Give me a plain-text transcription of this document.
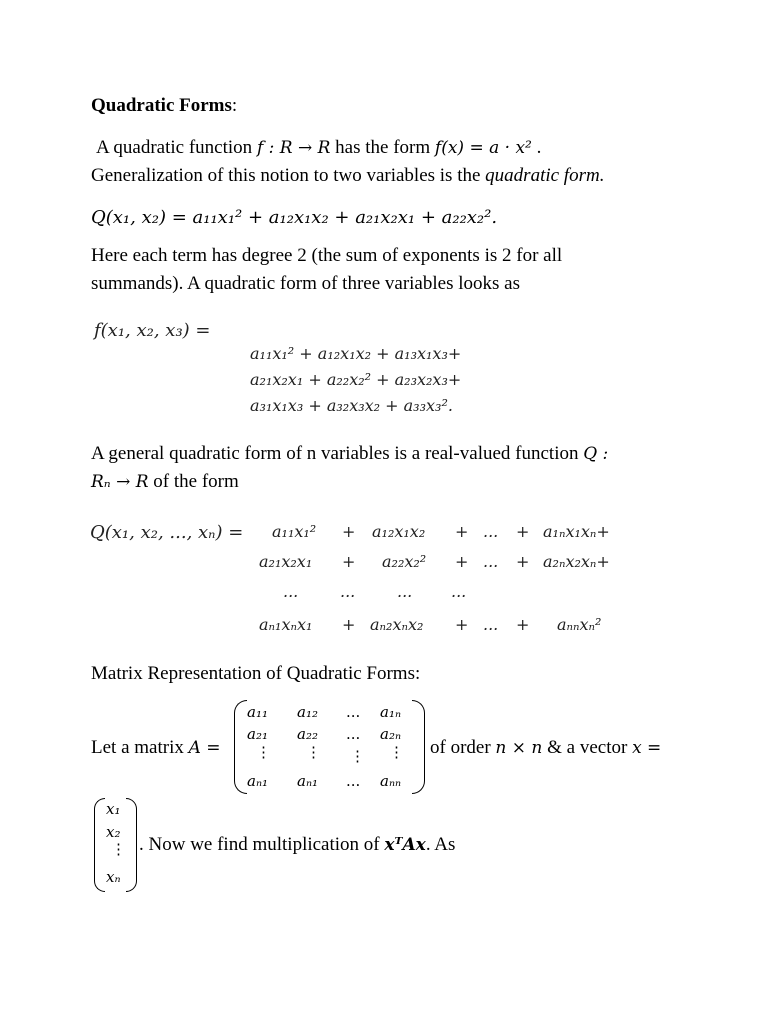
Quadratic Forms:
A quadratic function f : R → R has the form f(x) = a · x² .
Generalization of this notion to two variables is the quadratic form.
Q(x₁, x₂) = a₁₁x₁² + a₁₂x₁x₂ + a₂₁x₂x₁ + a₂₂x₂².
Here each term has degree 2 (the sum of exponents is 2 for all
summands). A quadratic form of three variables looks as
f(x₁, x₂, x₃) =
a₁₁x₁² + a₁₂x₁x₂ + a₁₃x₁x₃+
a₂₁x₂x₁ + a₂₂x₂² + a₂₃x₂x₃+
a₃₁x₁x₃ + a₃₂x₃x₂ + a₃₃x₃².
A general quadratic form of n variables is a real-valued function Q :
Rₙ → R of the form
Q(x₁, x₂, ..., xₙ) = a₁₁x₁² + a₁₂x₁x₂ + ... + a₁ₙx₁xₙ+
a₂₁x₂x₁ + a₂₂x₂² + ... + a₂ₙx₂xₙ+
...	...	... ...
aₙ₁xₙx₁ + aₙ₂xₙx₂ + ... + aₙₙxₙ²
Matrix Representation of Quadratic Forms:
Let a matrix A =
a₁₁ a₁₂ ... a₁ₙ
a₂₁ a₂₂ ... a₂ₙ
⋮ ⋮ ⋮ ⋮
aₙ₁ aₙ₁ ... aₙₙ
of order n × n & a vector x =
x₁
x₂
⋮
xₙ
. Now we find multiplication of xᵀAx. As
